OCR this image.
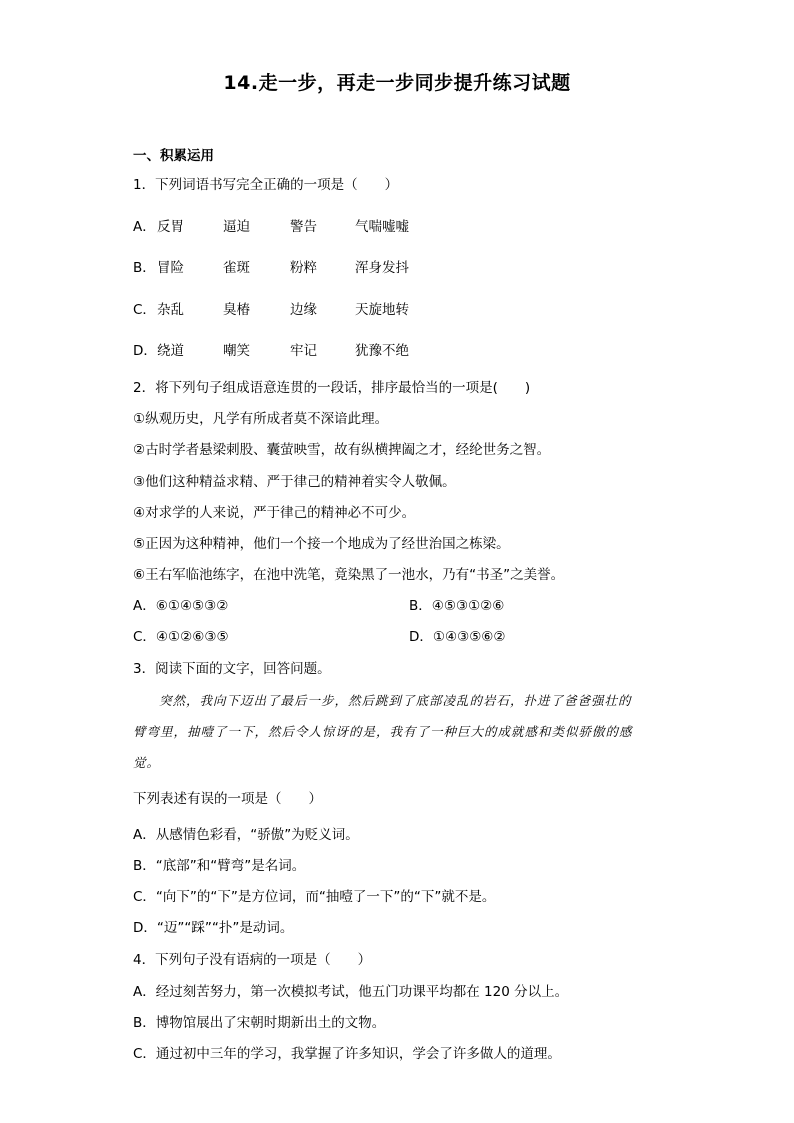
14.走一步，再走一步同步提升练习试题
一、积累运用
1．下列词语书写完全正确的一项是（　　）
A． 反胃	逼迫	警告	气喘嘘嘘
B． 冒险	雀斑	粉粹	浑身发抖
C． 杂乱	臭椿	边缘	天旋地转
D． 绕道	嘲笑	牢记	犹豫不绝
2．将下列句子组成语意连贯的一段话，排序最恰当的一项是(　　)
①纵观历史，凡学有所成者莫不深谙此理。
②古时学者悬梁刺股、囊萤映雪，故有纵横捭阖之才，经纶世务之智。
③他们这种精益求精、严于律己的精神着实令人敬佩。
④对求学的人来说，严于律己的精神必不可少。
⑤正因为这种精神，他们一个接一个地成为了经世治国之栋梁。
⑥王右军临池练字，在池中洗笔，竟染黑了一池水，乃有“书圣”之美誉。
A．⑥①④⑤③②	B．④⑤③①②⑥
C．④①②⑥③⑤	D．①④③⑤⑥②
3．阅读下面的文字，回答问题。
突然，我向下迈出了最后一步，然后跳到了底部凌乱的岩石，扑进了爸爸强壮的
臂弯里，抽噎了一下，然后令人惊讶的是，我有了一种巨大的成就感和类似骄傲的感
觉。
下列表述有误的一项是（　　）
A．从感情色彩看，“骄傲”为贬义词。
B．“底部”和“臂弯”是名词。
C．“向下”的“下”是方位词，而“抽噎了一下”的“下”就不是。
D．“迈”“踩”“扑”是动词。
4．下列句子没有语病的一项是（　　）
A．经过刻苦努力，第一次模拟考试，他五门功课平均都在 120 分以上。
B．博物馆展出了宋朝时期新出土的文物。
C．通过初中三年的学习，我掌握了许多知识，学会了许多做人的道理。
